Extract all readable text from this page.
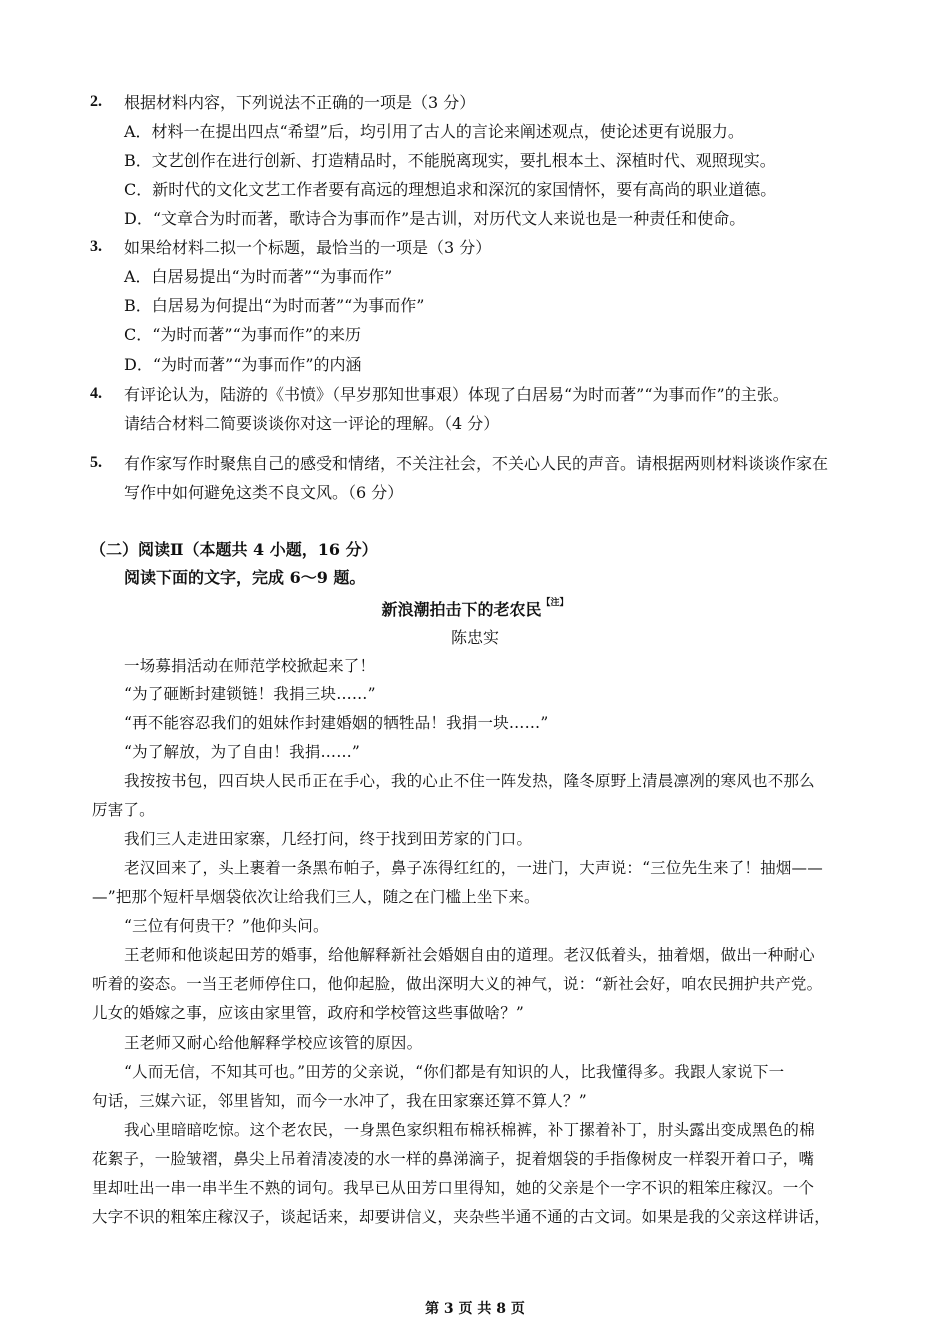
2. 根据材料内容，下列说法不正确的一项是（3 分）
A．材料一在提出四点“希望”后，均引用了古人的言论来阐述观点，使论述更有说服力。
B．文艺创作在进行创新、打造精品时，不能脱离现实，要扎根本土、深植时代、观照现实。
C．新时代的文化文艺工作者要有高远的理想追求和深沉的家国情怀，要有高尚的职业道德。
D．“文章合为时而著，歌诗合为事而作”是古训，对历代文人来说也是一种责任和使命。
3. 如果给材料二拟一个标题，最恰当的一项是（3 分）
A．白居易提出“为时而著”“为事而作”
B．白居易为何提出“为时而著”“为事而作”
C．“为时而著”“为事而作”的来历
D．“为时而著”“为事而作”的内涵
4. 有评论认为，陆游的《书愤》（早岁那知世事艰）体现了白居易“为时而著”“为事而作”的主张。
请结合材料二简要谈谈你对这一评论的理解。（4 分）
5. 有作家写作时聚焦自己的感受和情绪，不关注社会，不关心人民的声音。请根据两则材料谈谈作家在
写作中如何避免这类不良文风。（6 分）
（二）阅读Ⅱ（本题共 4 小题，16 分）
阅读下面的文字，完成 6～9 题。
新浪潮拍击下的老农民$^{【注】}$
陈忠实
一场募捐活动在师范学校掀起来了！
“为了砸断封建锁链！我捐三块……”
“再不能容忍我们的姐妹作封建婚姻的牺牲品！我捐一块……”
“为了解放，为了自由！我捐……”
我按按书包，四百块人民币正在手心，我的心止不住一阵发热，隆冬原野上清晨凛冽的寒风也不那么
厉害了。
我们三人走进田家寨，几经打问，终于找到田芳家的门口。
老汉回来了，头上裹着一条黑布帕子，鼻子冻得红红的，一进门，大声说：“三位先生来了！抽烟——
—”把那个短杆旱烟袋依次让给我们三人，随之在门槛上坐下来。
“三位有何贵干？”他仰头问。
王老师和他谈起田芳的婚事，给他解释新社会婚姻自由的道理。老汉低着头，抽着烟，做出一种耐心
听着的姿态。一当王老师停住口，他仰起脸，做出深明大义的神气，说：“新社会好，咱农民拥护共产党。
儿女的婚嫁之事，应该由家里管，政府和学校管这些事做啥？”
王老师又耐心给他解释学校应该管的原因。
“人而无信，不知其可也。”田芳的父亲说，“你们都是有知识的人，比我懂得多。我跟人家说下一
句话，三媒六证，邻里皆知，而今一水冲了，我在田家寨还算不算人？”
我心里暗暗吃惊。这个老农民，一身黑色家织粗布棉袄棉裤，补丁摞着补丁，肘头露出变成黑色的棉
花絮子，一脸皱褶，鼻尖上吊着清凌凌的水一样的鼻涕滴子，捉着烟袋的手指像树皮一样裂开着口子，嘴
里却吐出一串一串半生不熟的词句。我早已从田芳口里得知，她的父亲是个一字不识的粗笨庄稼汉。一个
大字不识的粗笨庄稼汉子，谈起话来，却要讲信义，夹杂些半通不通的古文词。如果是我的父亲这样讲话，
第 3 页 共 8 页
